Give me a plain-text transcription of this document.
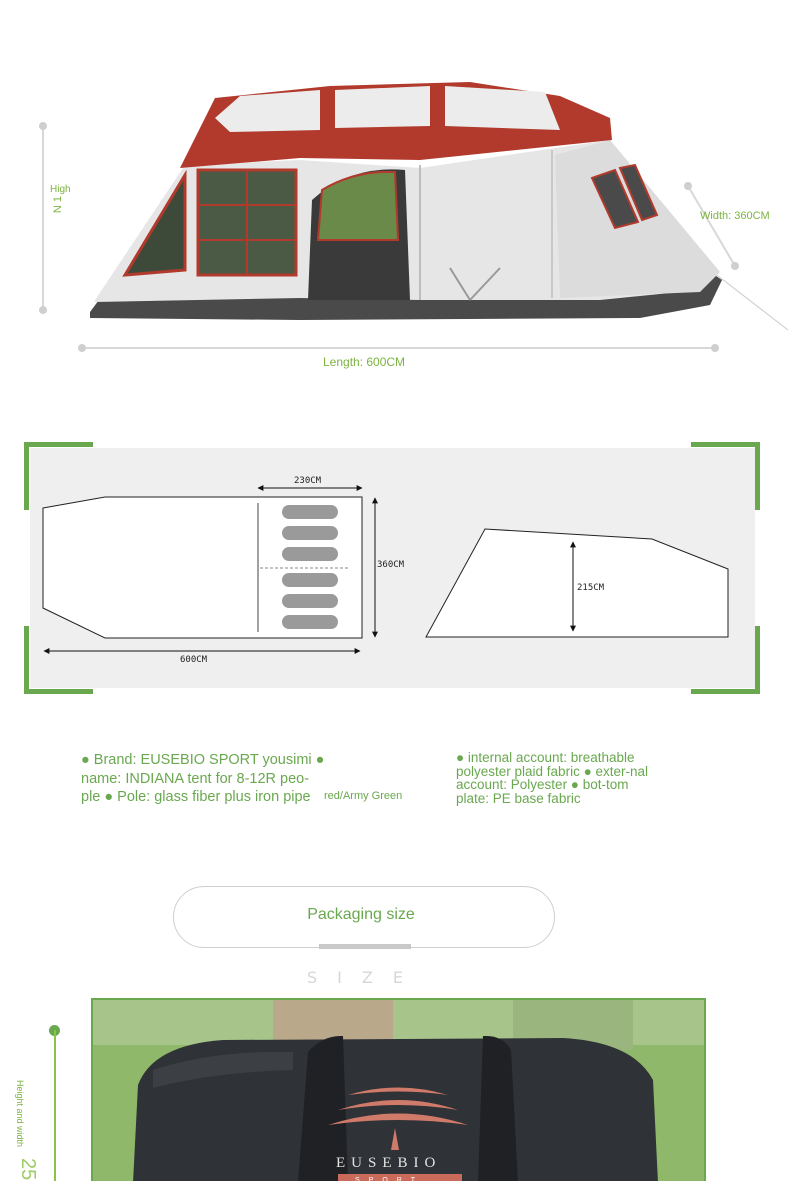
High
N 1
Width: 360CM
Length: 600CM
230CM
360CM
600CM
215CM
● Brand: EUSEBIO SPORT yousimi ● name: INDIANA tent for 8-12R peo-ple ● Pole: glass fiber plus iron pipe	red/Army Green
● internal account: breathable polyester plaid fabric ● exter-nal account: Polyester ● bot-tom plate: PE base fabric
Packaging size
SIZE
Height and width
25	EUSEBIO
SPORT
